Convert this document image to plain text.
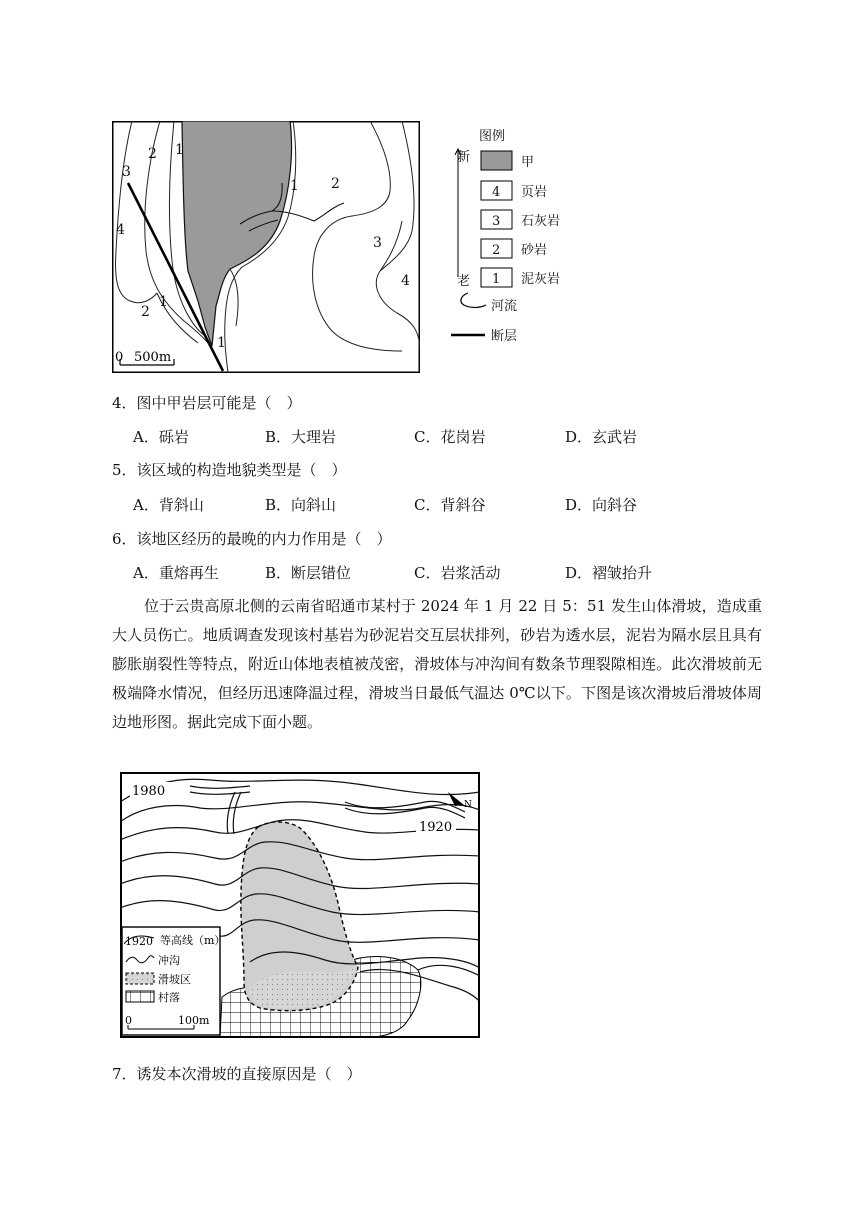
3
2 1
4
1 2
3
4
2
1
1
0 500m
图例
新
老
甲
4 页岩
3 石灰岩
2 砂岩
1 泥灰岩
河流
断层
4．图中甲岩层可能是（　）
A．砾岩	B．大理岩	C．花岗岩	D．玄武岩
5．该区域的构造地貌类型是（　）
A．背斜山	B．向斜山	C．背斜谷	D．向斜谷
6．该地区经历的最晚的内力作用是（　）
A．重熔再生	B．断层错位	C．岩浆活动	D．褶皱抬升

位于云贵高原北侧的云南省昭通市某村于 2024 年 1 月 22 日 5：51 发生山体滑坡，造成重大人员伤亡。地质调查发现该村基岩为砂泥岩交互层状排列，砂岩为透水层，泥岩为隔水层且具有膨胀崩裂性等特点，附近山体地表植被茂密，滑坡体与冲沟间有数条节理裂隙相连。此次滑坡前无极端降水情况，但经历迅速降温过程，滑坡当日最低气温达 0℃以下。下图是该次滑坡后滑坡体周边地形图。据此完成下面小题。

1980
1920
N
1920 等高线（m）
冲沟
滑坡区
村落
0	100m
7．诱发本次滑坡的直接原因是（　）
